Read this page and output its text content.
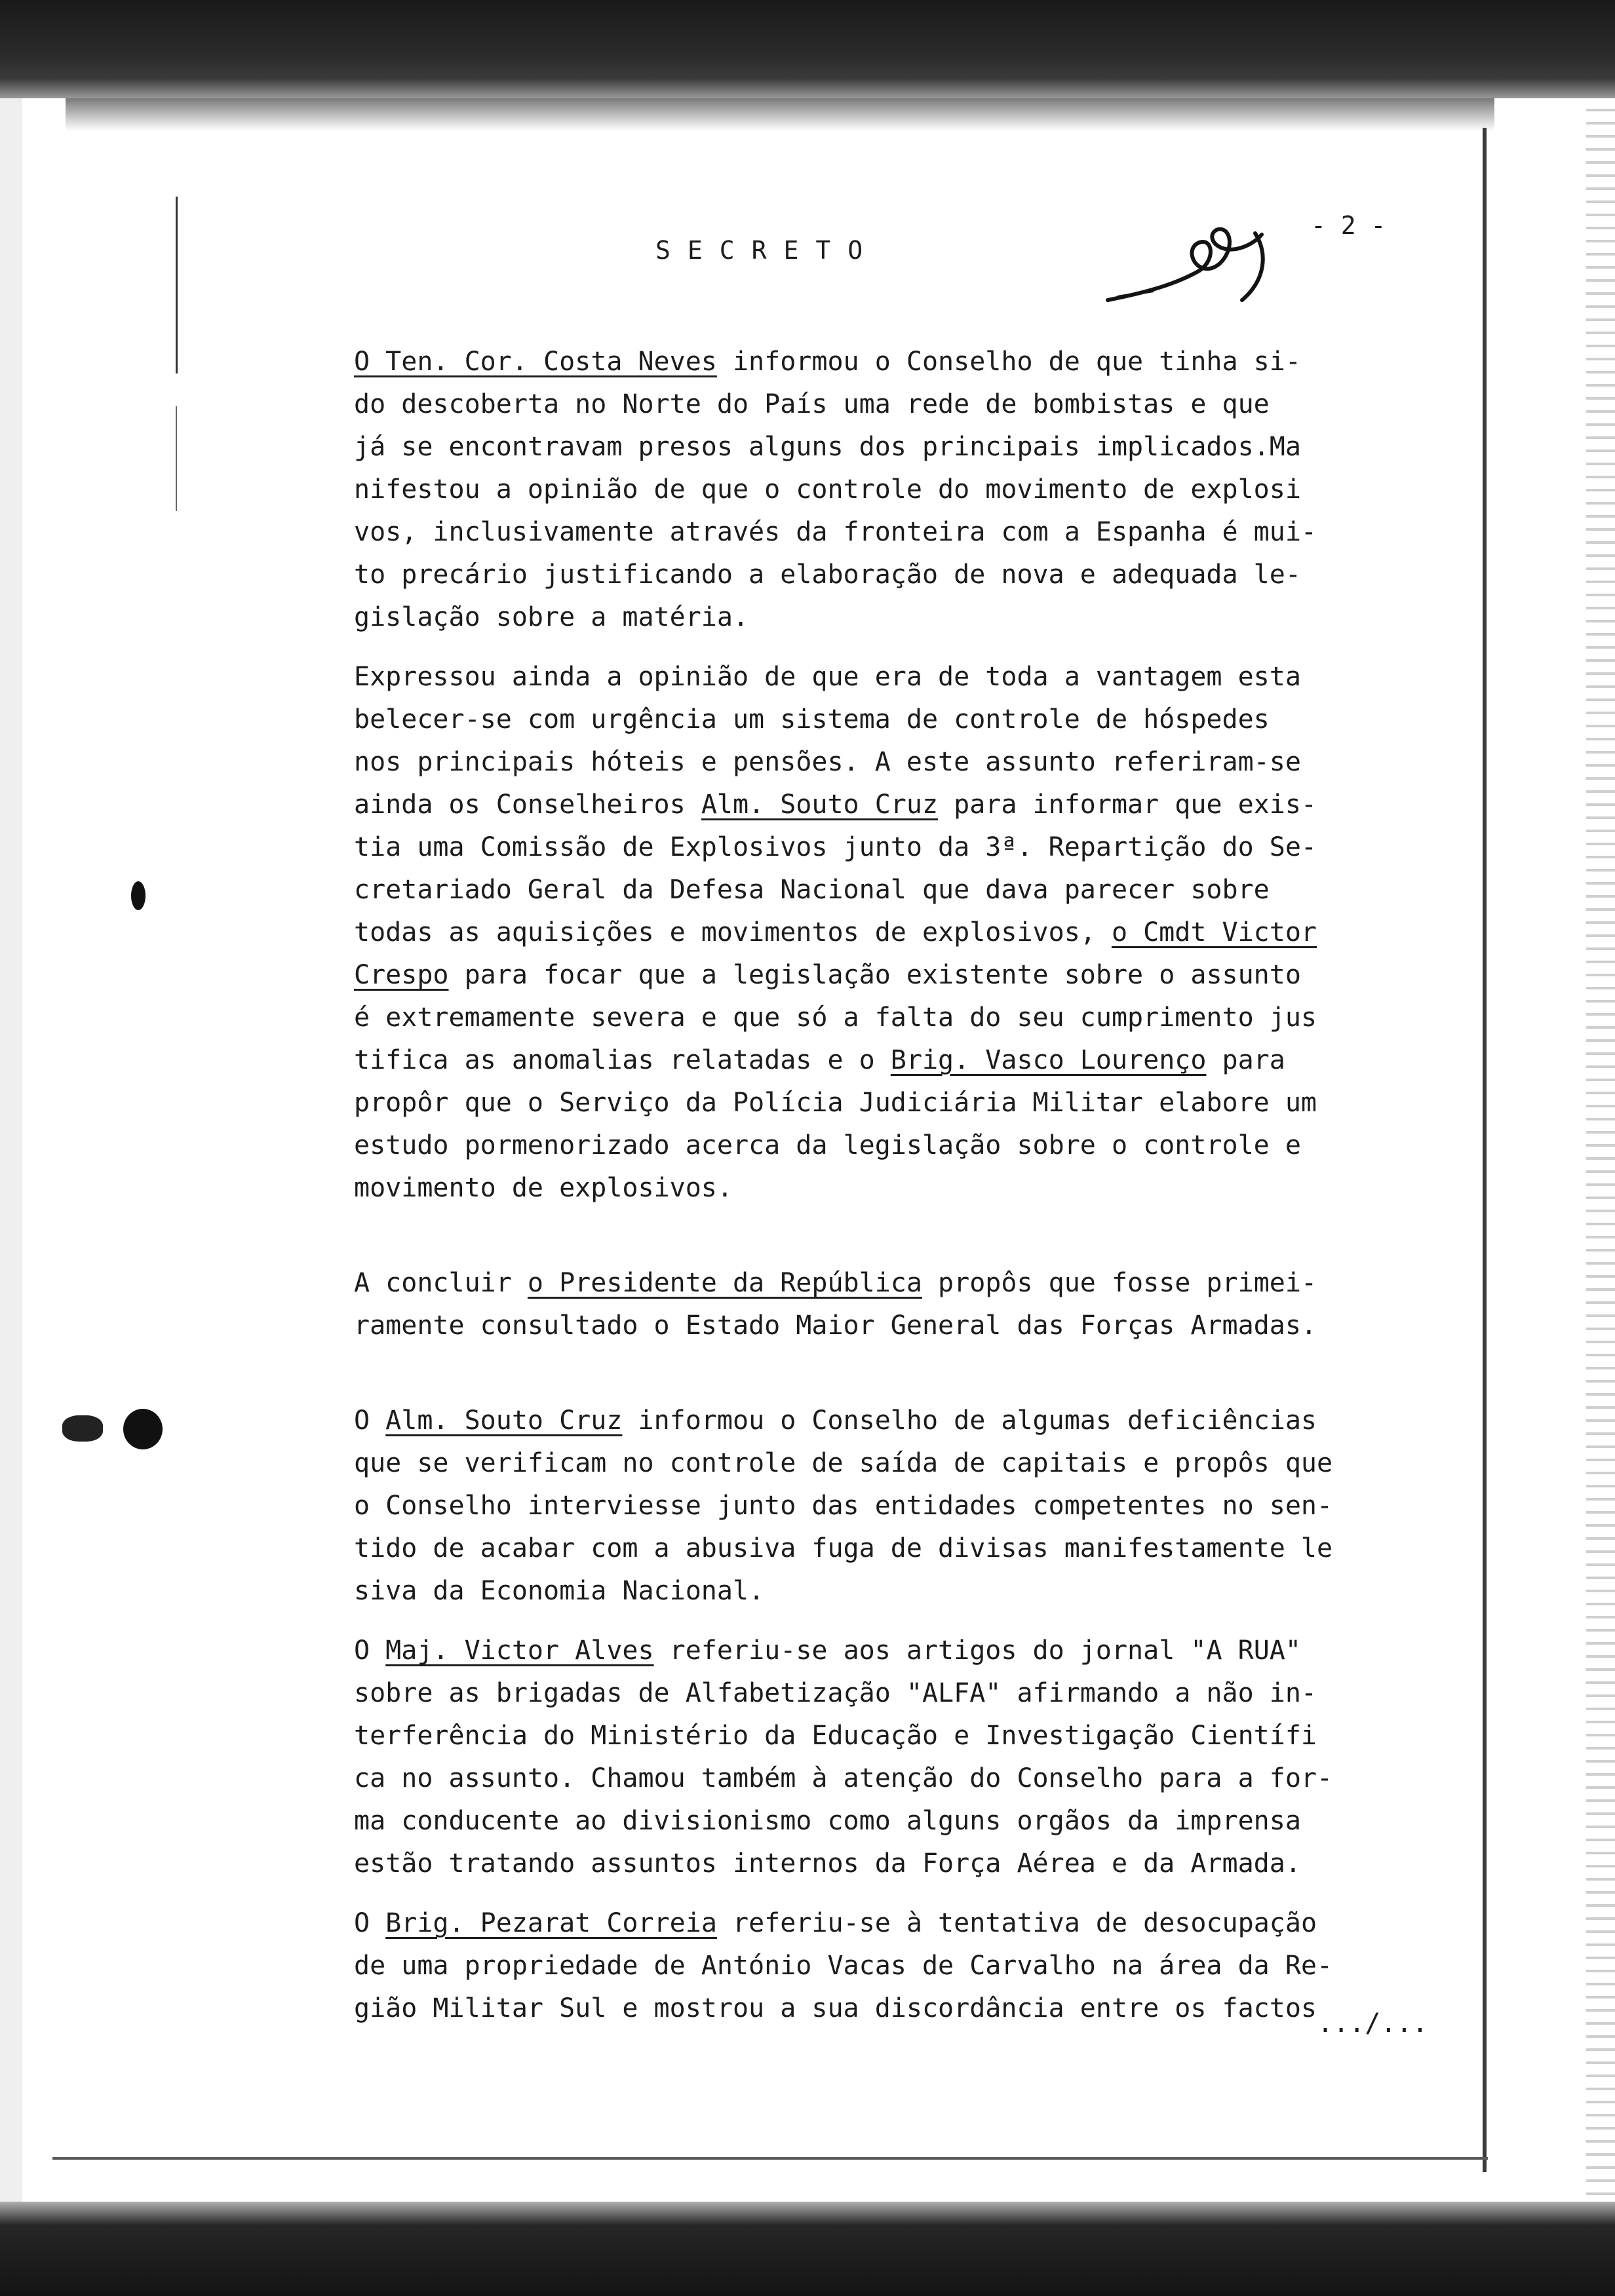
SECRETO
- 2 -

O Ten. Cor. Costa Neves informou o Conselho de que tinha si-
do descoberta no Norte do País uma rede de bombistas e que
já se encontravam presos alguns dos principais implicados.Ma
nifestou a opinião de que o controle do movimento de explosi
vos, inclusivamente através da fronteira com a Espanha é mui-
to precário justificando a elaboração de nova e adequada le-
gislação sobre a matéria.

Expressou ainda a opinião de que era de toda a vantagem esta
belecer-se com urgência um sistema de controle de hóspedes
nos principais hóteis e pensões. A este assunto referiram-se
ainda os Conselheiros Alm. Souto Cruz para informar que exis-
tia uma Comissão de Explosivos junto da 3ª. Repartição do Se-
cretariado Geral da Defesa Nacional que dava parecer sobre
todas as aquisições e movimentos de explosivos, o Cmdt Victor
Crespo para focar que a legislação existente sobre o assunto
é extremamente severa e que só a falta do seu cumprimento jus
tifica as anomalias relatadas e o Brig. Vasco Lourenço para
propôr que o Serviço da Polícia Judiciária Militar elabore um
estudo pormenorizado acerca da legislação sobre o controle e
movimento de explosivos.

A concluir o Presidente da República propôs que fosse primei-
ramente consultado o Estado Maior General das Forças Armadas.

O Alm. Souto Cruz informou o Conselho de algumas deficiências
que se verificam no controle de saída de capitais e propôs que
o Conselho interviesse junto das entidades competentes no sen-
tido de acabar com a abusiva fuga de divisas manifestamente le
siva da Economia Nacional.

O Maj. Victor Alves referiu-se aos artigos do jornal "A RUA"
sobre as brigadas de Alfabetização "ALFA" afirmando a não in-
terferência do Ministério da Educação e Investigação Científi
ca no assunto. Chamou também à atenção do Conselho para a for-
ma conducente ao divisionismo como alguns orgãos da imprensa
estão tratando assuntos internos da Força Aérea e da Armada.

O Brig. Pezarat Correia referiu-se à tentativa de desocupação
de uma propriedade de António Vacas de Carvalho na área da Re-
gião Militar Sul e mostrou a sua discordância entre os factos .../...
